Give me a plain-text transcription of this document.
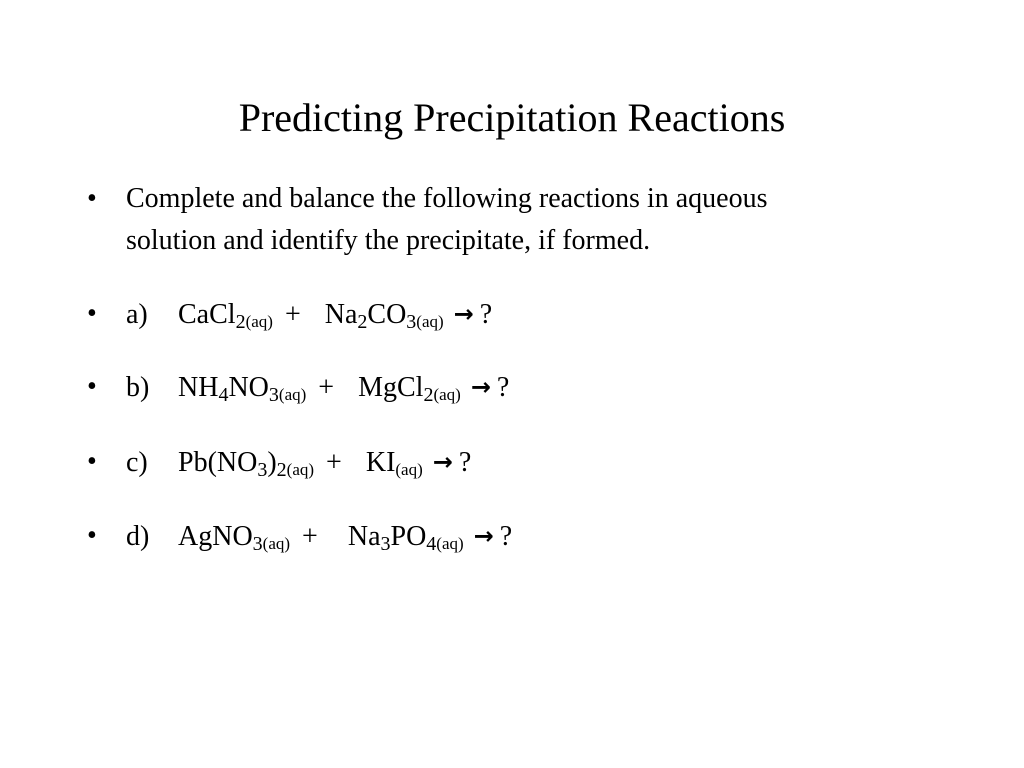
Predicting Precipitation Reactions
• Complete and balance the following reactions in aqueous
solution and identify the precipitate, if formed.
• a) CaCl$_2$(aq) + $Na_2CO_3(aq)$ → ?
• b) $NH_4NO_3(aq)$ + MgCl$_2$(aq) → ?
• c) $Pb(NO_3)_2(aq) + KI(aq)$ → ?
• d) AgNO$_3$(aq) + $Na_3PO_4(aq)$ → ?
